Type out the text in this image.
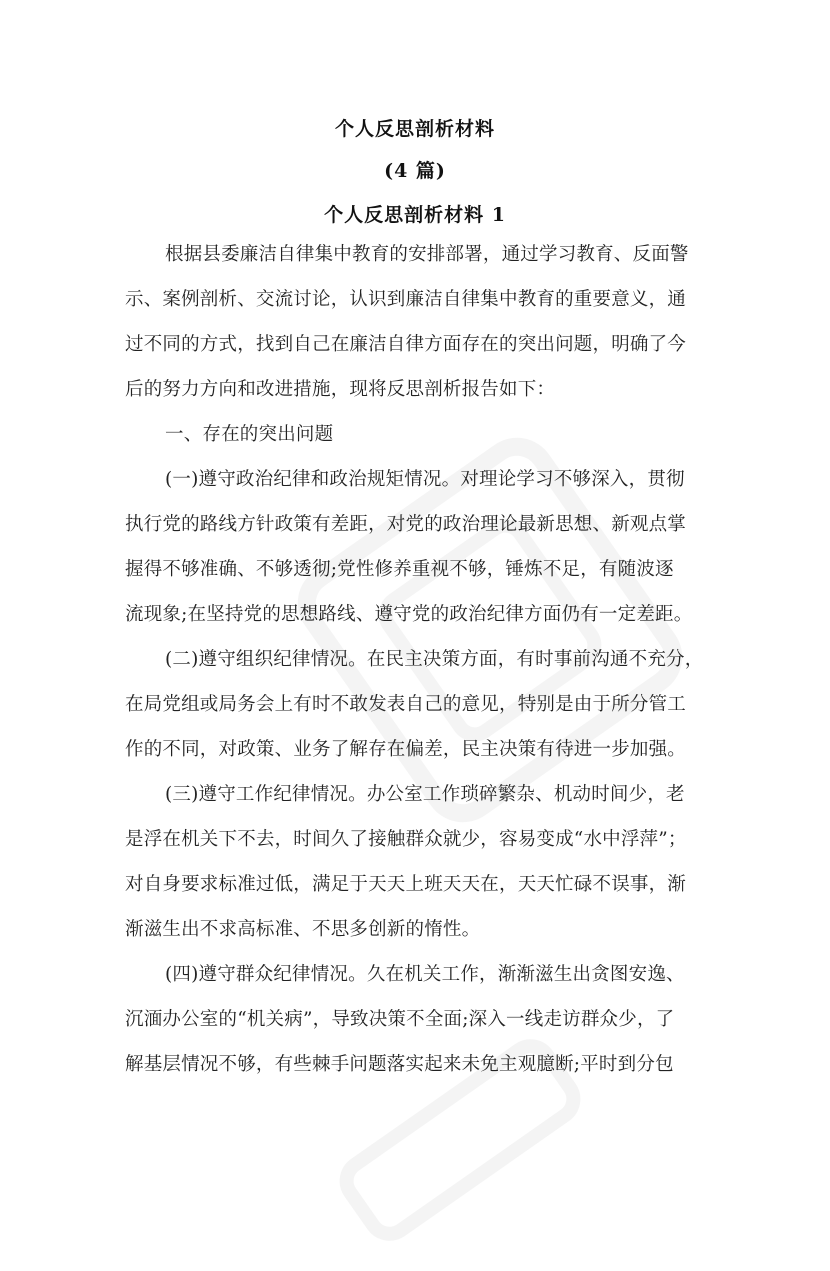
个人反思剖析材料
(4 篇)
个人反思剖析材料 1
根据县委廉洁自律集中教育的安排部署，通过学习教育、反面警
示、案例剖析、交流讨论，认识到廉洁自律集中教育的重要意义，通
过不同的方式，找到自己在廉洁自律方面存在的突出问题，明确了今
后的努力方向和改进措施，现将反思剖析报告如下：
一、存在的突出问题
(一)遵守政治纪律和政治规矩情况。对理论学习不够深入，贯彻
执行党的路线方针政策有差距，对党的政治理论最新思想、新观点掌
握得不够准确、不够透彻;党性修养重视不够，锤炼不足，有随波逐
流现象;在坚持党的思想路线、遵守党的政治纪律方面仍有一定差距。
(二)遵守组织纪律情况。在民主决策方面，有时事前沟通不充分，
在局党组或局务会上有时不敢发表自己的意见，特别是由于所分管工
作的不同，对政策、业务了解存在偏差，民主决策有待进一步加强。
(三)遵守工作纪律情况。办公室工作琐碎繁杂、机动时间少，老
是浮在机关下不去，时间久了接触群众就少，容易变成“水中浮萍”；
对自身要求标准过低，满足于天天上班天天在，天天忙碌不误事，渐
渐滋生出不求高标准、不思多创新的惰性。
(四)遵守群众纪律情况。久在机关工作，渐渐滋生出贪图安逸、
沉湎办公室的“机关病”，导致决策不全面;深入一线走访群众少，了
解基层情况不够，有些棘手问题落实起来未免主观臆断;平时到分包
